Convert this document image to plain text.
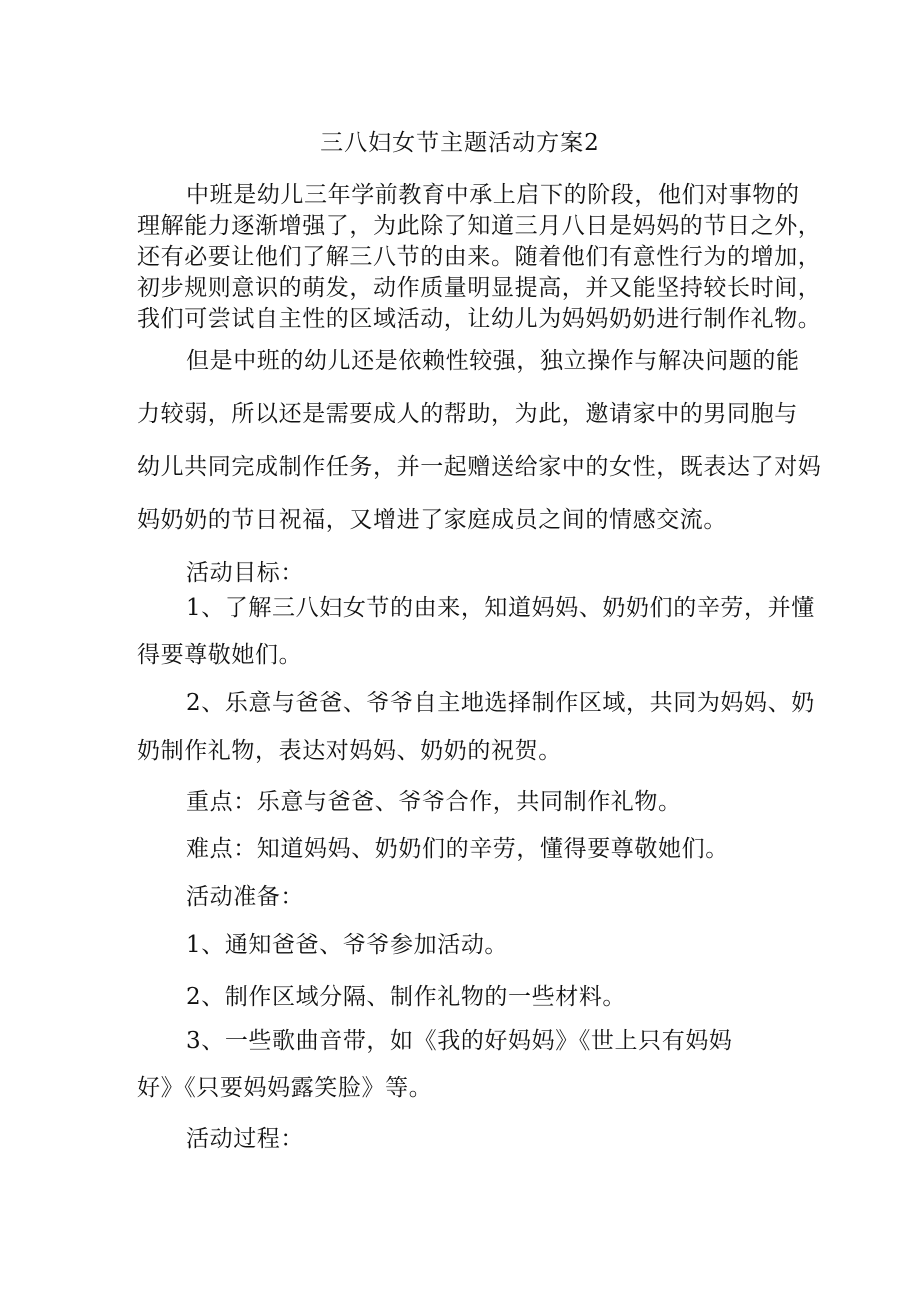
三八妇女节主题活动方案2
中班是幼儿三年学前教育中承上启下的阶段，他们对事物的
理解能力逐渐增强了，为此除了知道三月八日是妈妈的节日之外，
还有必要让他们了解三八节的由来。随着他们有意性行为的增加，
初步规则意识的萌发，动作质量明显提高，并又能坚持较长时间，
我们可尝试自主性的区域活动，让幼儿为妈妈奶奶进行制作礼物。
但是中班的幼儿还是依赖性较强，独立操作与解决问题的能
力较弱，所以还是需要成人的帮助，为此，邀请家中的男同胞与
幼儿共同完成制作任务，并一起赠送给家中的女性，既表达了对妈
妈奶奶的节日祝福，又增进了家庭成员之间的情感交流。
活动目标：
1、了解三八妇女节的由来，知道妈妈、奶奶们的辛劳，并懂
得要尊敬她们。
2、乐意与爸爸、爷爷自主地选择制作区域，共同为妈妈、奶
奶制作礼物，表达对妈妈、奶奶的祝贺。
重点：乐意与爸爸、爷爷合作，共同制作礼物。
难点：知道妈妈、奶奶们的辛劳，懂得要尊敬她们。
活动准备：
1、通知爸爸、爷爷参加活动。
2、制作区域分隔、制作礼物的一些材料。
3、一些歌曲音带，如《我的好妈妈》《世上只有妈妈
好》《只要妈妈露笑脸》等。
活动过程：
